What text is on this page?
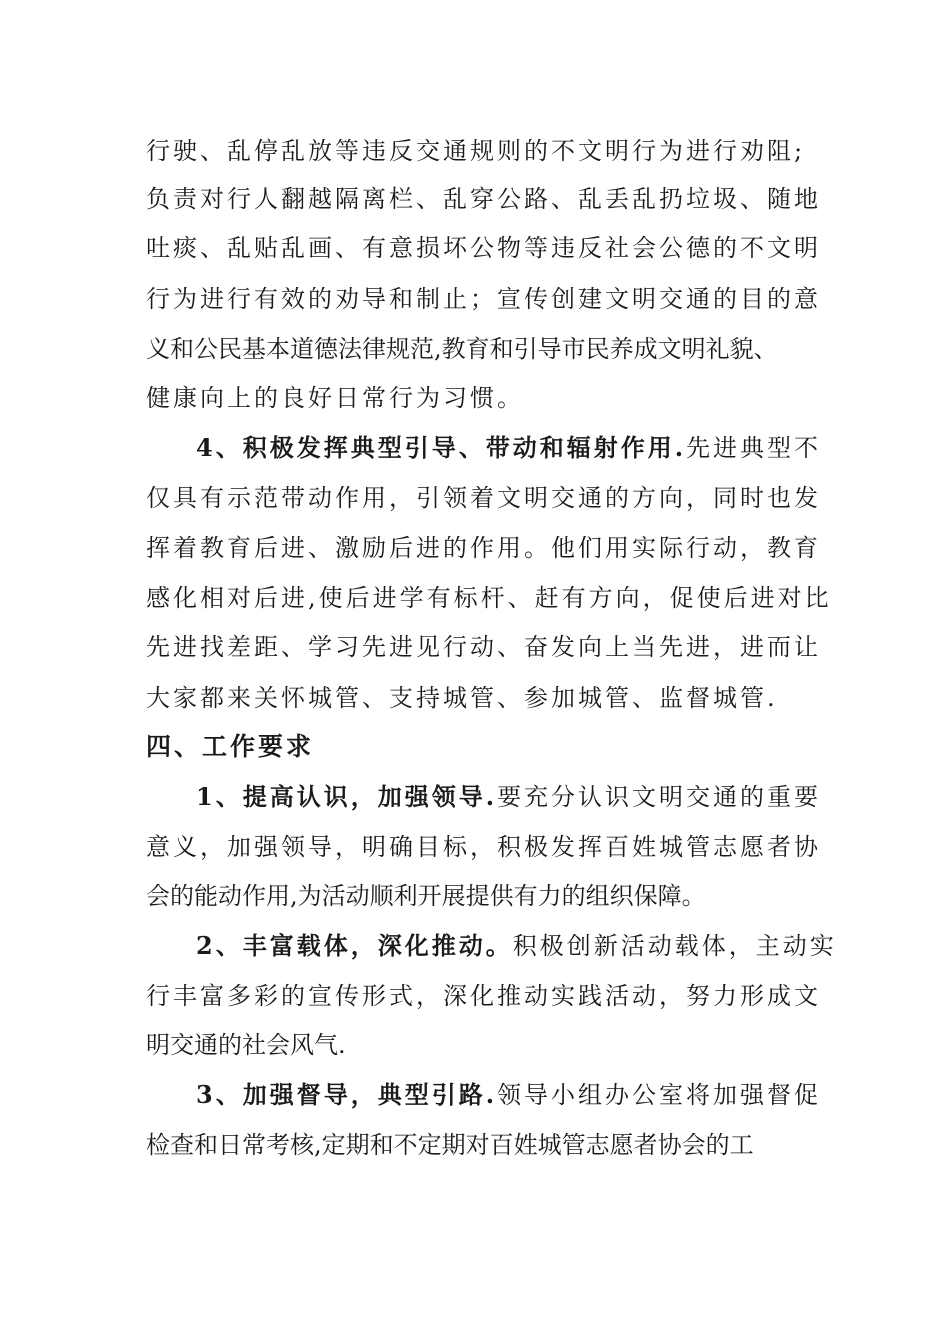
行驶、乱停乱放等违反交通规则的不文明行为进行劝阻;
负责对行人翻越隔离栏、乱穿公路、乱丢乱扔垃圾、随地
吐痰、乱贴乱画、有意损坏公物等违反社会公德的不文明
行为进行有效的劝导和制止；宣传创建文明交通的目的意
义和公民基本道德法律规范,教育和引导市民养成文明礼貌、
健康向上的良好日常行为习惯。
4、积极发挥典型引导、带动和辐射作用.先进典型不
仅具有示范带动作用，引领着文明交通的方向，同时也发
挥着教育后进、激励后进的作用。他们用实际行动，教育
感化相对后进,使后进学有标杆、赶有方向，促使后进对比
先进找差距、学习先进见行动、奋发向上当先进，进而让
大家都来关怀城管、支持城管、参加城管、监督城管.
四、工作要求
1、提高认识，加强领导.要充分认识文明交通的重要
意义，加强领导，明确目标，积极发挥百姓城管志愿者协
会的能动作用,为活动顺利开展提供有力的组织保障。
2、丰富载体，深化推动。积极创新活动载体，主动实
行丰富多彩的宣传形式，深化推动实践活动，努力形成文
明交通的社会风气.
3、加强督导，典型引路.领导小组办公室将加强督促
检查和日常考核,定期和不定期对百姓城管志愿者协会的工
